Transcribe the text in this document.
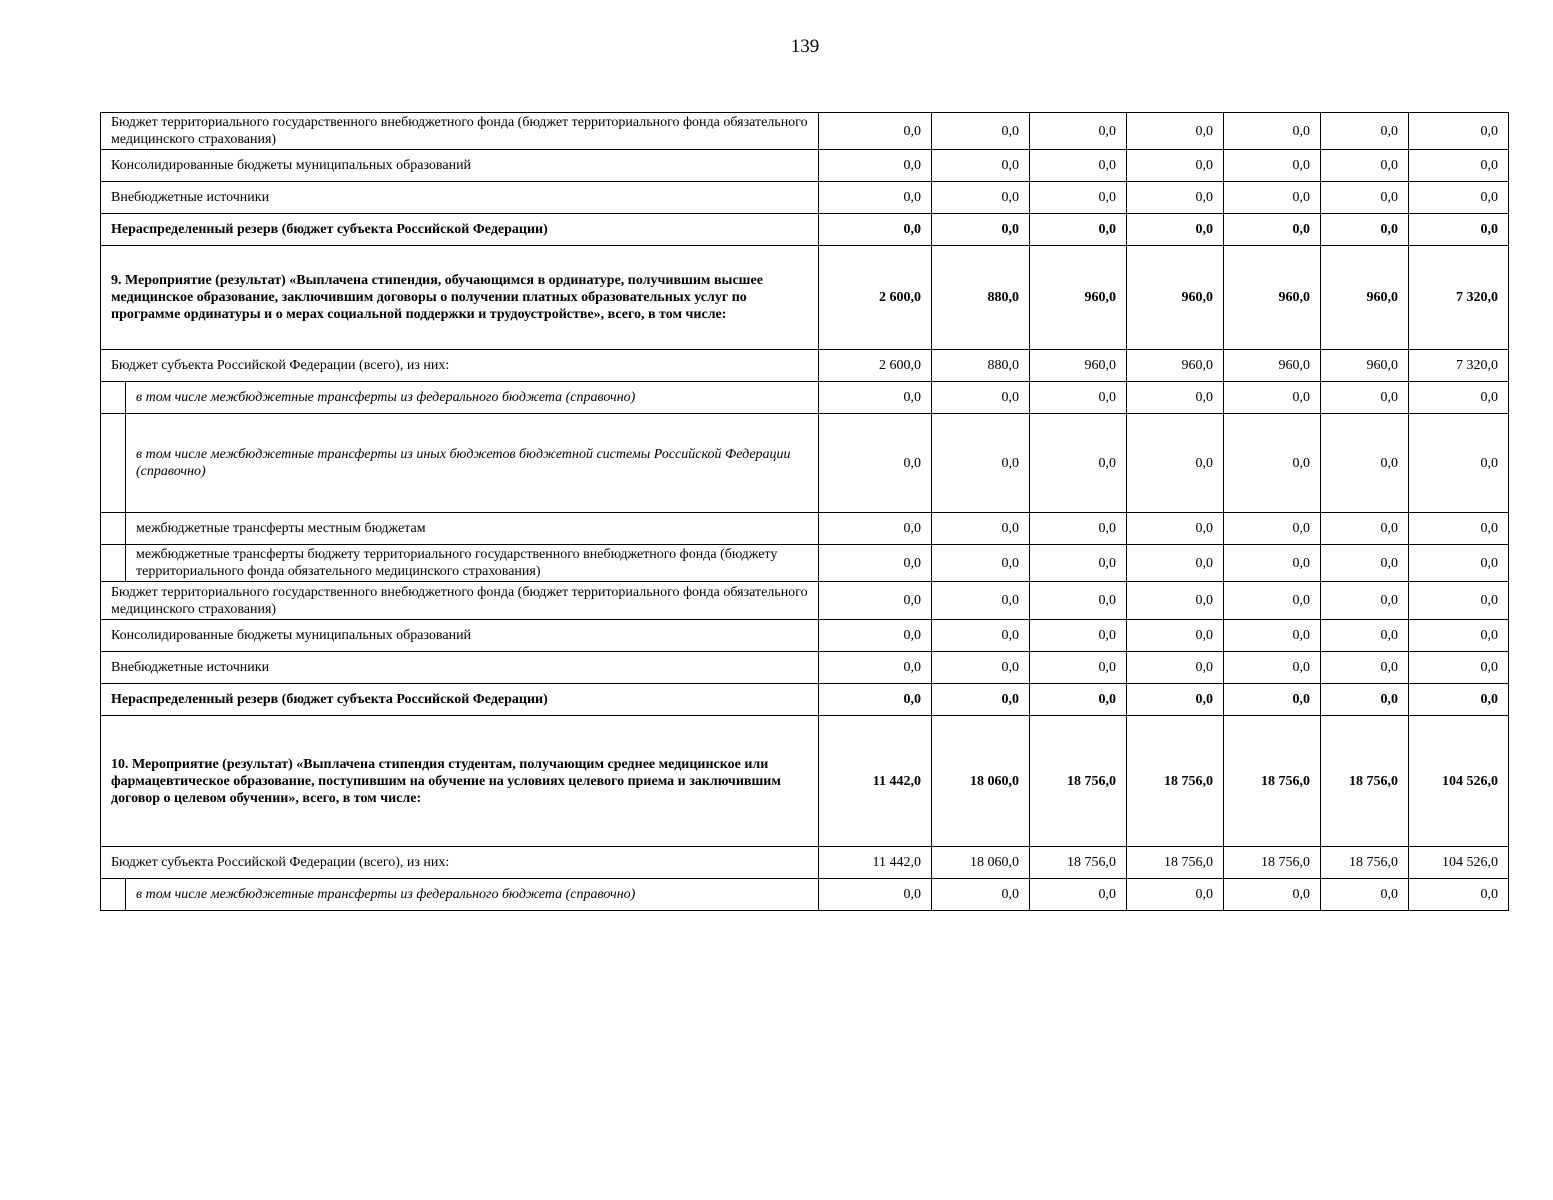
139
Бюджет территориального государственного внебюджетного фонда (бюджет территориального фонда обязательного медицинского страхования)		0,0	0,0	0,0	0,0	0,0	0,0	0,0
Консолидированные бюджеты муниципальных образований		0,0	0,0	0,0	0,0	0,0	0,0	0,0
Внебюджетные источники		0,0	0,0	0,0	0,0	0,0	0,0	0,0
Нераспределенный резерв (бюджет субъекта Российской Федерации)		0,0	0,0	0,0	0,0	0,0	0,0	0,0
9. Мероприятие (результат) «Выплачена стипендия, обучающимся в ординатуре, получившим высшее медицинское образование, заключившим договоры о получении платных образовательных услуг по программе ординатуры и о мерах социальной поддержки и трудоустройстве», всего, в том числе:		2 600,0	880,0	960,0	960,0	960,0	960,0	7 320,0
Бюджет субъекта Российской Федерации (всего), из них:		2 600,0	880,0	960,0	960,0	960,0	960,0	7 320,0
	в том числе межбюджетные трансферты из федерального бюджета (справочно)	0,0	0,0	0,0	0,0	0,0	0,0	0,0
	в том числе межбюджетные трансферты из иных бюджетов бюджетной системы Российской Федерации (справочно)	0,0	0,0	0,0	0,0	0,0	0,0	0,0
	межбюджетные трансферты местным бюджетам	0,0	0,0	0,0	0,0	0,0	0,0	0,0
	межбюджетные трансферты бюджету территориального государственного внебюджетного фонда (бюджету территориального фонда обязательного медицинского страхования)	0,0	0,0	0,0	0,0	0,0	0,0	0,0
Бюджет территориального государственного внебюджетного фонда (бюджет территориального фонда обязательного медицинского страхования)		0,0	0,0	0,0	0,0	0,0	0,0	0,0
Консолидированные бюджеты муниципальных образований		0,0	0,0	0,0	0,0	0,0	0,0	0,0
Внебюджетные источники		0,0	0,0	0,0	0,0	0,0	0,0	0,0
Нераспределенный резерв (бюджет субъекта Российской Федерации)		0,0	0,0	0,0	0,0	0,0	0,0	0,0
10. Мероприятие (результат) «Выплачена стипендия студентам, получающим среднее медицинское или фармацевтическое образование, поступившим на обучение на условиях целевого приема и заключившим договор о целевом обучении», всего, в том числе:		11 442,0	18 060,0	18 756,0	18 756,0	18 756,0	18 756,0	104 526,0
Бюджет субъекта Российской Федерации (всего), из них:		11 442,0	18 060,0	18 756,0	18 756,0	18 756,0	18 756,0	104 526,0
	в том числе межбюджетные трансферты из федерального бюджета (справочно)	0,0	0,0	0,0	0,0	0,0	0,0	0,0
